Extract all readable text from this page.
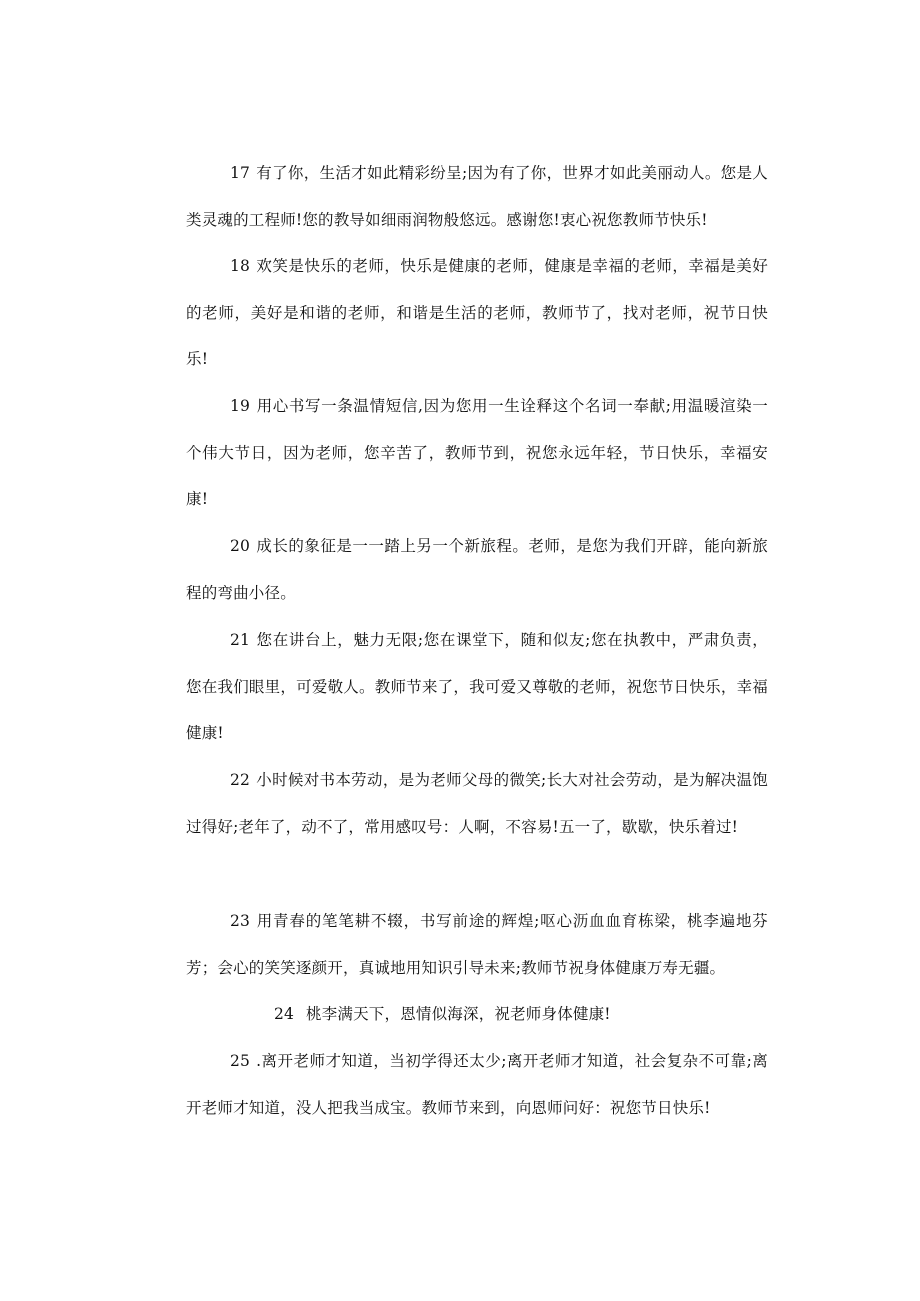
17 有了你，生活才如此精彩纷呈;因为有了你，世界才如此美丽动人。您是人类灵魂的工程师!您的教导如细雨润物般悠远。感谢您!衷心祝您教师节快乐!

18 欢笑是快乐的老师，快乐是健康的老师，健康是幸福的老师，幸福是美好的老师，美好是和谐的老师，和谐是生活的老师，教师节了，找对老师，祝节日快乐!

19 用心书写一条温情短信,因为您用一生诠释这个名词一奉献;用温暖渲染一个伟大节日，因为老师，您辛苦了，教师节到，祝您永远年轻，节日快乐，幸福安康!

20 成长的象征是一一踏上另一个新旅程。老师，是您为我们开辟，能向新旅程的弯曲小径。

21 您在讲台上，魅力无限;您在课堂下，随和似友;您在执教中，严肃负责，您在我们眼里，可爱敬人。教师节来了，我可爱又尊敬的老师，祝您节日快乐，幸福健康!

22 小时候对书本劳动，是为老师父母的微笑;长大对社会劳动，是为解决温饱过得好;老年了，动不了，常用感叹号：人啊，不容易!五一了，歇歇，快乐着过!

23 用青春的笔笔耕不辍，书写前途的辉煌;呕心沥血血育栋梁，桃李遍地芬芳；会心的笑笑逐颜开，真诚地用知识引导未来;教师节祝身体健康万寿无疆。

24 桃李满天下，恩情似海深，祝老师身体健康!

25 .离开老师才知道，当初学得还太少;离开老师才知道，社会复杂不可靠;离开老师才知道，没人把我当成宝。教师节来到，向恩师问好：祝您节日快乐!
